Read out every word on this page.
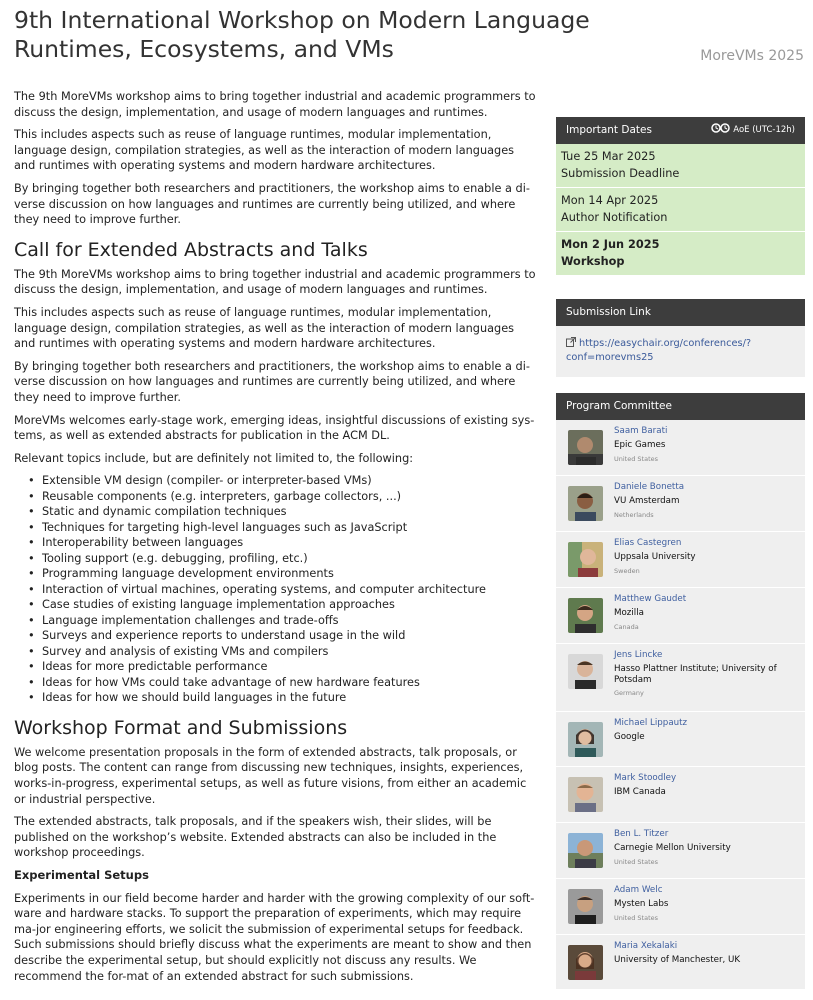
9th International Workshop on Modern Language Runtimes, Ecosystems, and VMs	MoreVMs 2025

The 9th MoreVMs workshop aims to bring together industrial and academic programmers to discuss the design, implementation, and usage of modern languages and runtimes.

This includes aspects such as reuse of language runtimes, modular implementation, language design, compilation strategies, as well as the interaction of modern languages and runtimes with operating systems and modern hardware architectures.

By bringing together both researchers and practitioners, the workshop aims to enable a di-verse discussion on how languages and runtimes are currently being utilized, and where they need to improve further.

Call for Extended Abstracts and Talks

The 9th MoreVMs workshop aims to bring together industrial and academic programmers to discuss the design, implementation, and usage of modern languages and runtimes.

This includes aspects such as reuse of language runtimes, modular implementation, language design, compilation strategies, as well as the interaction of modern languages and runtimes with operating systems and modern hardware architectures.

By bringing together both researchers and practitioners, the workshop aims to enable a di-verse discussion on how languages and runtimes are currently being utilized, and where they need to improve further.

MoreVMs welcomes early-stage work, emerging ideas, insightful discussions of existing sys-tems, as well as extended abstracts for publication in the ACM DL.

Relevant topics include, but are definitely not limited to, the following:

• Extensible VM design (compiler- or interpreter-based VMs)
• Reusable components (e.g. interpreters, garbage collectors, ...)
• Static and dynamic compilation techniques
• Techniques for targeting high-level languages such as JavaScript
• Interoperability between languages
• Tooling support (e.g. debugging, profiling, etc.)
• Programming language development environments
• Interaction of virtual machines, operating systems, and computer architecture
• Case studies of existing language implementation approaches
• Language implementation challenges and trade-offs
• Surveys and experience reports to understand usage in the wild
• Survey and analysis of existing VMs and compilers
• Ideas for more predictable performance
• Ideas for how VMs could take advantage of new hardware features
• Ideas for how we should build languages in the future
Workshop Format and Submissions

We welcome presentation proposals in the form of extended abstracts, talk proposals, or blog posts. The content can range from discussing new techniques, insights, experiences, works-in-progress, experimental setups, as well as future visions, from either an academic or industrial perspective.

The extended abstracts, talk proposals, and if the speakers wish, their slides, will be published on the workshop’s website. Extended abstracts can also be included in the workshop proceedings.

Experimental Setups

Experiments in our field become harder and harder with the growing complexity of our soft-ware and hardware stacks. To support the preparation of experiments, which may require ma-jor engineering efforts, we solicit the submission of experimental setups for feedback. Such submissions should briefly discuss what the experiments are meant to show and then describe the experimental setup, but should explicitly not discuss any results. We recommend the for-mat of an extended abstract for such submissions.

Important Dates	AoE (UTC-12h)
Tue 25 Mar 2025
Submission Deadline
Mon 14 Apr 2025
Author Notification
Mon 2 Jun 2025
Workshop
Submission Link
https://easychair.org/conferences/?
conf=morevms25
Program Committee
Saam Barati
Epic Games
United States
Daniele Bonetta
VU Amsterdam
Netherlands
Elias Castegren
Uppsala University
Sweden
Matthew Gaudet
Mozilla
Canada
Jens Lincke
Hasso Plattner Institute; University of Potsdam
Germany
Michael Lippautz
Google
Mark Stoodley
IBM Canada
Ben L. Titzer
Carnegie Mellon University
United States
Adam Welc
Mysten Labs
United States
Maria Xekalaki
University of Manchester, UK
